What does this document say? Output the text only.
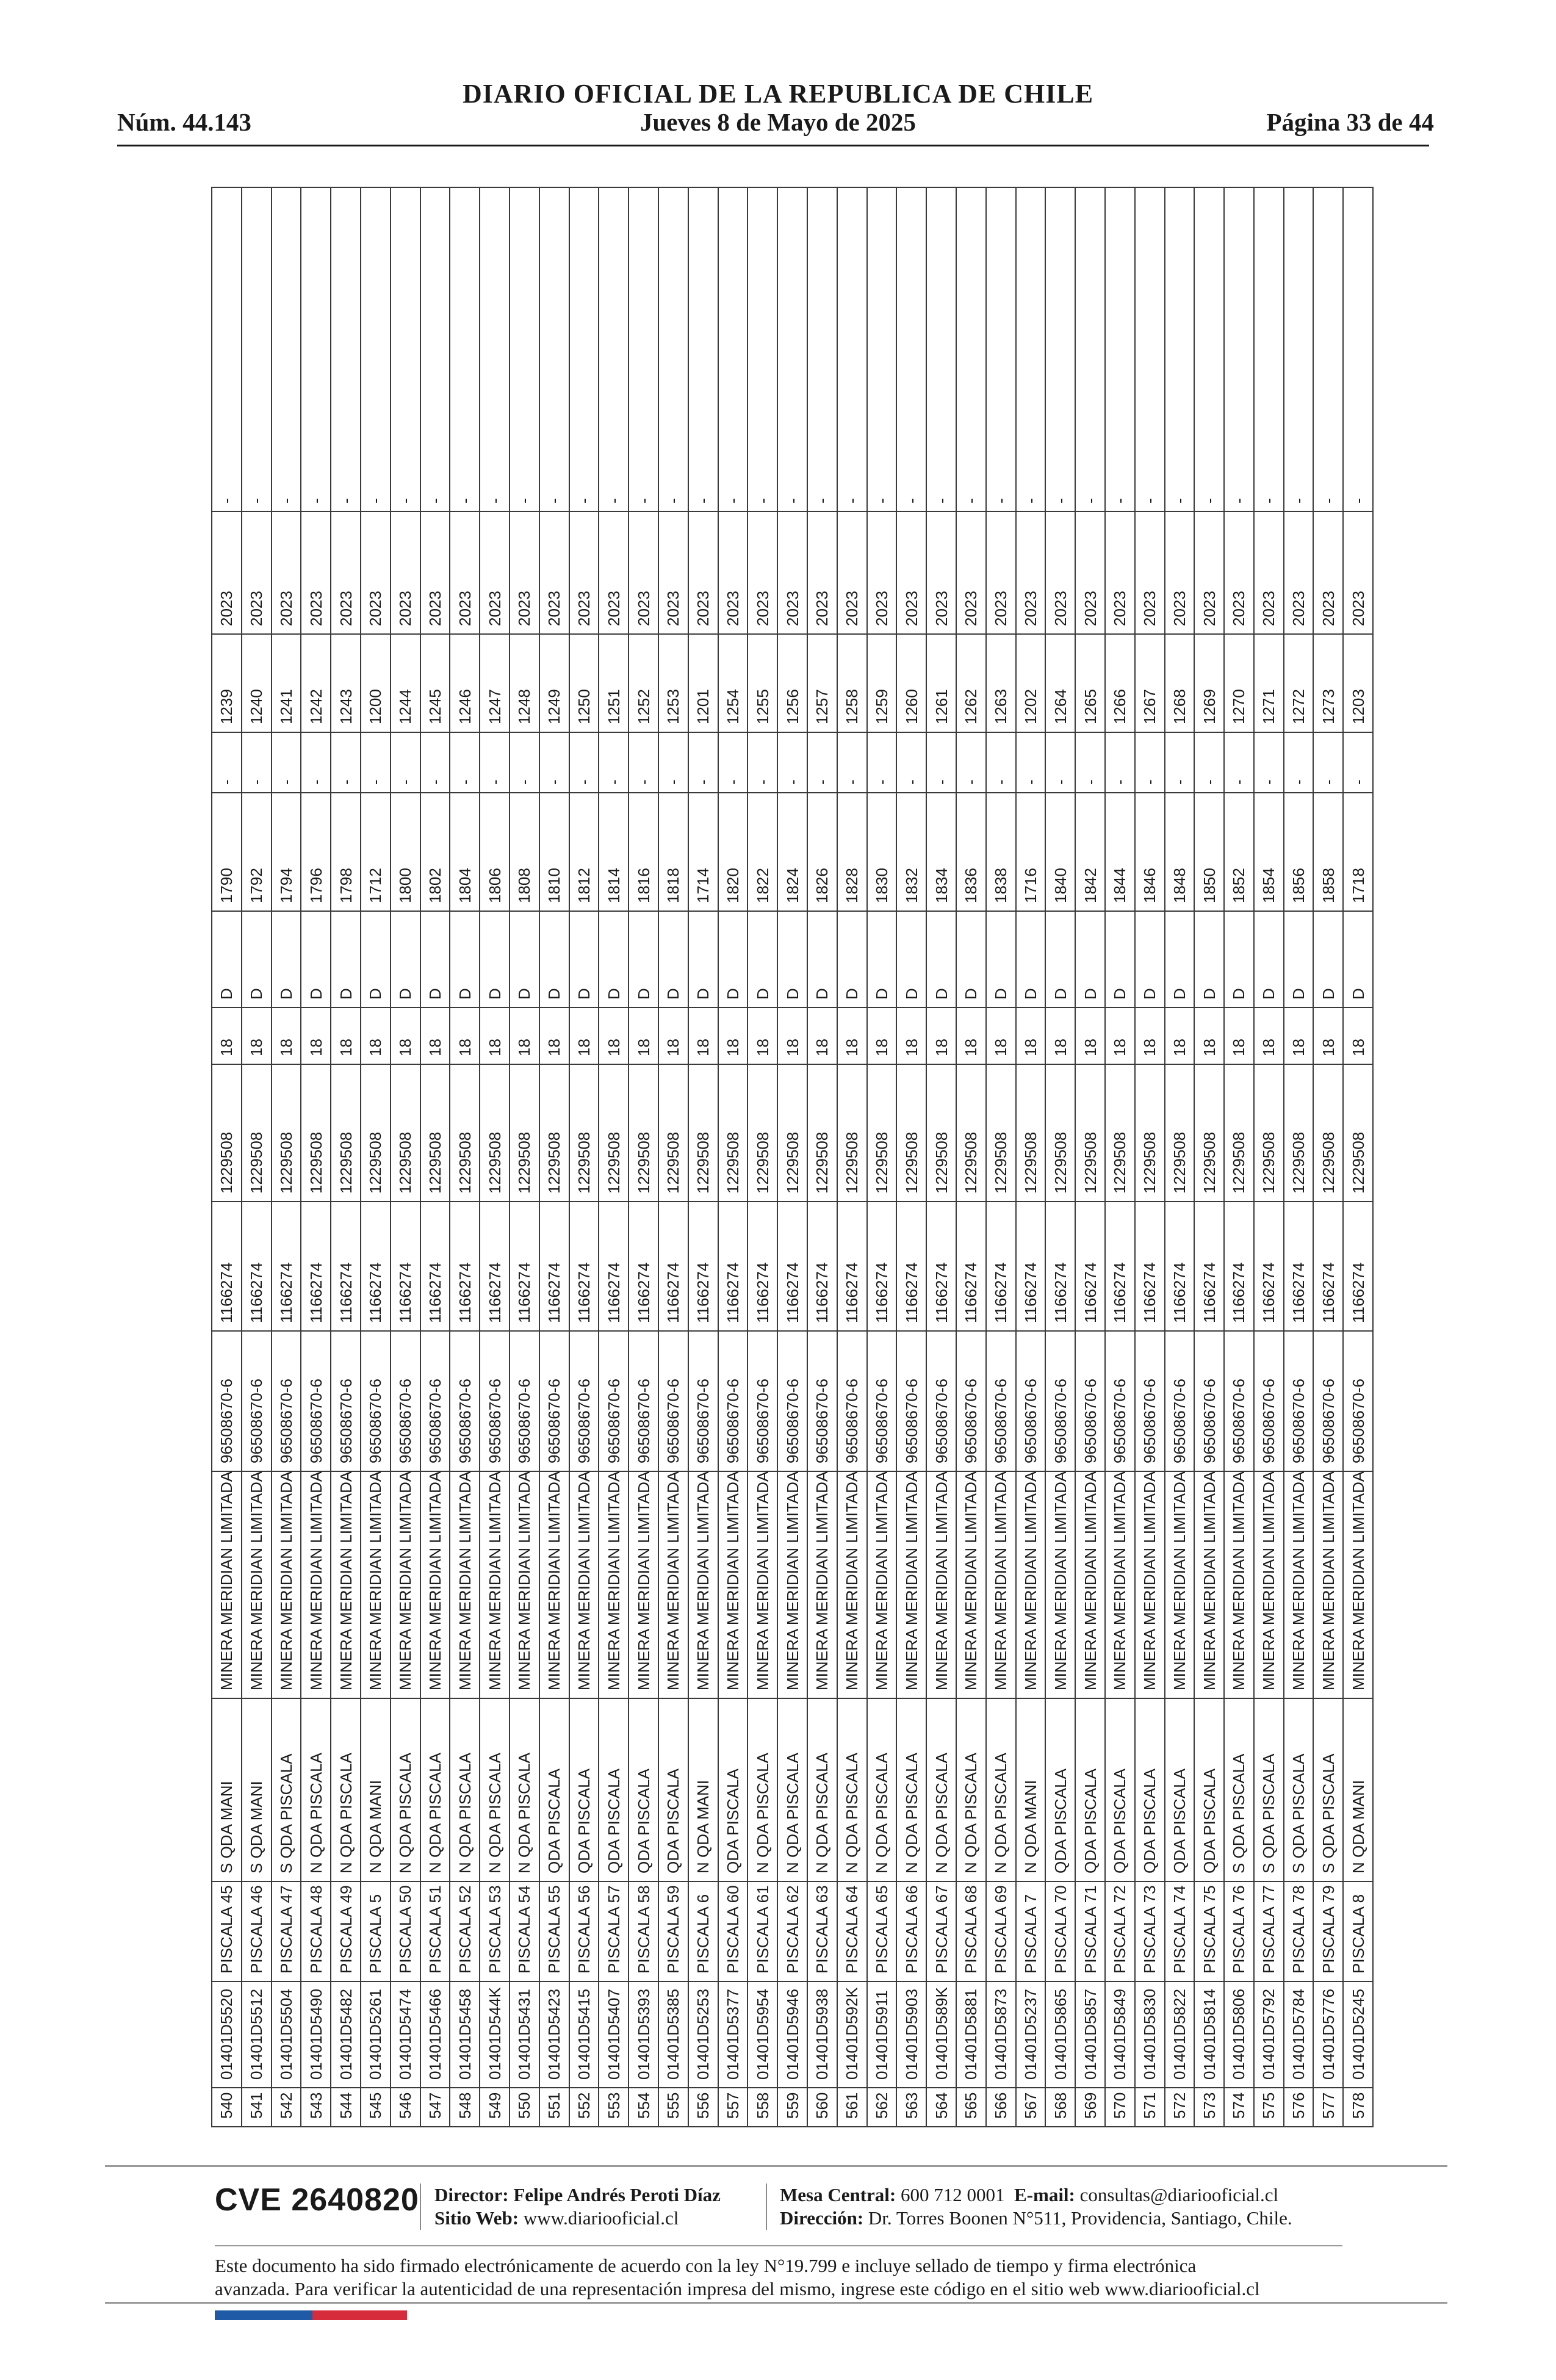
DIARIO OFICIAL DE LA REPUBLICA DE CHILE
Núm. 44.143	Jueves 8 de Mayo de 2025	Página 33 de 44
540	01401D5520	PISCALA 45	S QDA MANI	MINERA MERIDIAN LIMITADA	96508670-6	1166274	1229508	18	D	1790	-	1239	2023	-
541	01401D5512	PISCALA 46	S QDA MANI	MINERA MERIDIAN LIMITADA	96508670-6	1166274	1229508	18	D	1792	-	1240	2023	-
542	01401D5504	PISCALA 47	S QDA PISCALA	MINERA MERIDIAN LIMITADA	96508670-6	1166274	1229508	18	D	1794	-	1241	2023	-
543	01401D5490	PISCALA 48	N QDA PISCALA	MINERA MERIDIAN LIMITADA	96508670-6	1166274	1229508	18	D	1796	-	1242	2023	-
544	01401D5482	PISCALA 49	N QDA PISCALA	MINERA MERIDIAN LIMITADA	96508670-6	1166274	1229508	18	D	1798	-	1243	2023	-
545	01401D5261	PISCALA 5	N QDA MANI	MINERA MERIDIAN LIMITADA	96508670-6	1166274	1229508	18	D	1712	-	1200	2023	-
546	01401D5474	PISCALA 50	N QDA PISCALA	MINERA MERIDIAN LIMITADA	96508670-6	1166274	1229508	18	D	1800	-	1244	2023	-
547	01401D5466	PISCALA 51	N QDA PISCALA	MINERA MERIDIAN LIMITADA	96508670-6	1166274	1229508	18	D	1802	-	1245	2023	-
548	01401D5458	PISCALA 52	N QDA PISCALA	MINERA MERIDIAN LIMITADA	96508670-6	1166274	1229508	18	D	1804	-	1246	2023	-
549	01401D544K	PISCALA 53	N QDA PISCALA	MINERA MERIDIAN LIMITADA	96508670-6	1166274	1229508	18	D	1806	-	1247	2023	-
550	01401D5431	PISCALA 54	N QDA PISCALA	MINERA MERIDIAN LIMITADA	96508670-6	1166274	1229508	18	D	1808	-	1248	2023	-
551	01401D5423	PISCALA 55	QDA PISCALA	MINERA MERIDIAN LIMITADA	96508670-6	1166274	1229508	18	D	1810	-	1249	2023	-
552	01401D5415	PISCALA 56	QDA PISCALA	MINERA MERIDIAN LIMITADA	96508670-6	1166274	1229508	18	D	1812	-	1250	2023	-
553	01401D5407	PISCALA 57	QDA PISCALA	MINERA MERIDIAN LIMITADA	96508670-6	1166274	1229508	18	D	1814	-	1251	2023	-
554	01401D5393	PISCALA 58	QDA PISCALA	MINERA MERIDIAN LIMITADA	96508670-6	1166274	1229508	18	D	1816	-	1252	2023	-
555	01401D5385	PISCALA 59	QDA PISCALA	MINERA MERIDIAN LIMITADA	96508670-6	1166274	1229508	18	D	1818	-	1253	2023	-
556	01401D5253	PISCALA 6	N QDA MANI	MINERA MERIDIAN LIMITADA	96508670-6	1166274	1229508	18	D	1714	-	1201	2023	-
557	01401D5377	PISCALA 60	QDA PISCALA	MINERA MERIDIAN LIMITADA	96508670-6	1166274	1229508	18	D	1820	-	1254	2023	-
558	01401D5954	PISCALA 61	N QDA PISCALA	MINERA MERIDIAN LIMITADA	96508670-6	1166274	1229508	18	D	1822	-	1255	2023	-
559	01401D5946	PISCALA 62	N QDA PISCALA	MINERA MERIDIAN LIMITADA	96508670-6	1166274	1229508	18	D	1824	-	1256	2023	-
560	01401D5938	PISCALA 63	N QDA PISCALA	MINERA MERIDIAN LIMITADA	96508670-6	1166274	1229508	18	D	1826	-	1257	2023	-
561	01401D592K	PISCALA 64	N QDA PISCALA	MINERA MERIDIAN LIMITADA	96508670-6	1166274	1229508	18	D	1828	-	1258	2023	-
562	01401D5911	PISCALA 65	N QDA PISCALA	MINERA MERIDIAN LIMITADA	96508670-6	1166274	1229508	18	D	1830	-	1259	2023	-
563	01401D5903	PISCALA 66	N QDA PISCALA	MINERA MERIDIAN LIMITADA	96508670-6	1166274	1229508	18	D	1832	-	1260	2023	-
564	01401D589K	PISCALA 67	N QDA PISCALA	MINERA MERIDIAN LIMITADA	96508670-6	1166274	1229508	18	D	1834	-	1261	2023	-
565	01401D5881	PISCALA 68	N QDA PISCALA	MINERA MERIDIAN LIMITADA	96508670-6	1166274	1229508	18	D	1836	-	1262	2023	-
566	01401D5873	PISCALA 69	N QDA PISCALA	MINERA MERIDIAN LIMITADA	96508670-6	1166274	1229508	18	D	1838	-	1263	2023	-
567	01401D5237	PISCALA 7	N QDA MANI	MINERA MERIDIAN LIMITADA	96508670-6	1166274	1229508	18	D	1716	-	1202	2023	-
568	01401D5865	PISCALA 70	QDA PISCALA	MINERA MERIDIAN LIMITADA	96508670-6	1166274	1229508	18	D	1840	-	1264	2023	-
569	01401D5857	PISCALA 71	QDA PISCALA	MINERA MERIDIAN LIMITADA	96508670-6	1166274	1229508	18	D	1842	-	1265	2023	-
570	01401D5849	PISCALA 72	QDA PISCALA	MINERA MERIDIAN LIMITADA	96508670-6	1166274	1229508	18	D	1844	-	1266	2023	-
571	01401D5830	PISCALA 73	QDA PISCALA	MINERA MERIDIAN LIMITADA	96508670-6	1166274	1229508	18	D	1846	-	1267	2023	-
572	01401D5822	PISCALA 74	QDA PISCALA	MINERA MERIDIAN LIMITADA	96508670-6	1166274	1229508	18	D	1848	-	1268	2023	-
573	01401D5814	PISCALA 75	QDA PISCALA	MINERA MERIDIAN LIMITADA	96508670-6	1166274	1229508	18	D	1850	-	1269	2023	-
574	01401D5806	PISCALA 76	S QDA PISCALA	MINERA MERIDIAN LIMITADA	96508670-6	1166274	1229508	18	D	1852	-	1270	2023	-
575	01401D5792	PISCALA 77	S QDA PISCALA	MINERA MERIDIAN LIMITADA	96508670-6	1166274	1229508	18	D	1854	-	1271	2023	-
576	01401D5784	PISCALA 78	S QDA PISCALA	MINERA MERIDIAN LIMITADA	96508670-6	1166274	1229508	18	D	1856	-	1272	2023	-
577	01401D5776	PISCALA 79	S QDA PISCALA	MINERA MERIDIAN LIMITADA	96508670-6	1166274	1229508	18	D	1858	-	1273	2023	-
578	01401D5245	PISCALA 8	N QDA MANI	MINERA MERIDIAN LIMITADA	96508670-6	1166274	1229508	18	D	1718	-	1203	2023	-
CVE 2640820 Director: Felipe Andrés Peroti Díaz
Sitio Web: www.diariooficial.cl
Mesa Central: 600 712 0001 E-mail: consultas@diariooficial.cl
Dirección: Dr. Torres Boonen N°511, Providencia, Santiago, Chile.
Este documento ha sido firmado electrónicamente de acuerdo con la ley N°19.799 e incluye sellado de tiempo y firma electrónica
avanzada. Para verificar la autenticidad de una representación impresa del mismo, ingrese este código en el sitio web www.diariooficial.cl
